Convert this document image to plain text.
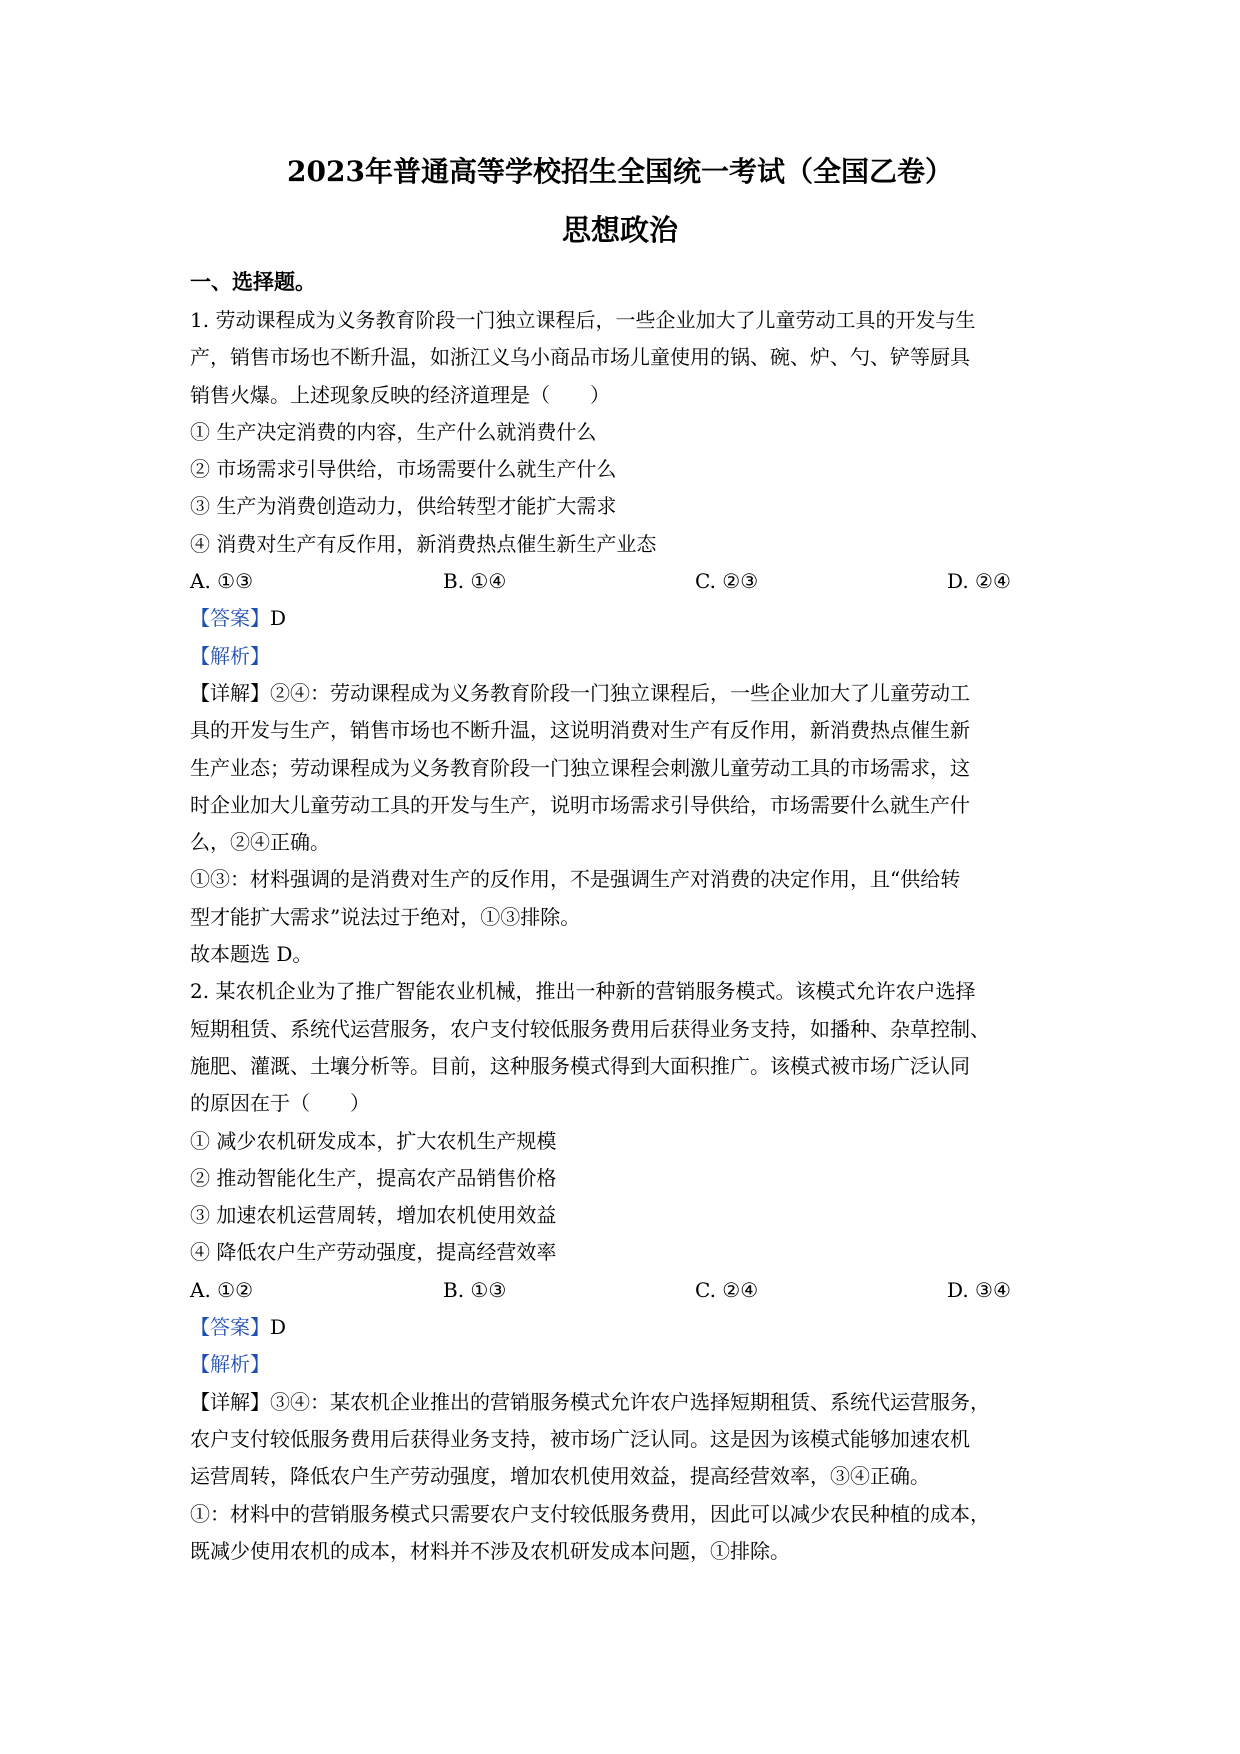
2023年普通高等学校招生全国统一考试（全国乙卷）
思想政治
一、选择题。
1. 劳动课程成为义务教育阶段一门独立课程后，一些企业加大了儿童劳动工具的开发与生
产，销售市场也不断升温，如浙江义乌小商品市场儿童使用的锅、碗、炉、勺、铲等厨具
销售火爆。上述现象反映的经济道理是（　　）
① 生产决定消费的内容，生产什么就消费什么
② 市场需求引导供给，市场需要什么就生产什么
③ 生产为消费创造动力，供给转型才能扩大需求
④ 消费对生产有反作用，新消费热点催生新生产业态
A. ①③	B. ①④	C. ②③	D. ②④
【答案】D
【解析】
【详解】②④：劳动课程成为义务教育阶段一门独立课程后，一些企业加大了儿童劳动工
具的开发与生产，销售市场也不断升温，这说明消费对生产有反作用，新消费热点催生新
生产业态；劳动课程成为义务教育阶段一门独立课程会刺激儿童劳动工具的市场需求，这
时企业加大儿童劳动工具的开发与生产，说明市场需求引导供给，市场需要什么就生产什
么，②④正确。
①③：材料强调的是消费对生产的反作用，不是强调生产对消费的决定作用，且“供给转
型才能扩大需求”说法过于绝对，①③排除。
故本题选 D。
2. 某农机企业为了推广智能农业机械，推出一种新的营销服务模式。该模式允许农户选择
短期租赁、系统代运营服务，农户支付较低服务费用后获得业务支持，如播种、杂草控制、
施肥、灌溉、土壤分析等。目前，这种服务模式得到大面积推广。该模式被市场广泛认同
的原因在于（　　）
① 减少农机研发成本，扩大农机生产规模
② 推动智能化生产，提高农产品销售价格
③ 加速农机运营周转，增加农机使用效益
④ 降低农户生产劳动强度，提高经营效率
A. ①②	B. ①③	C. ②④	D. ③④
【答案】D
【解析】
【详解】③④：某农机企业推出的营销服务模式允许农户选择短期租赁、系统代运营服务，
农户支付较低服务费用后获得业务支持，被市场广泛认同。这是因为该模式能够加速农机
运营周转，降低农户生产劳动强度，增加农机使用效益，提高经营效率，③④正确。
①：材料中的营销服务模式只需要农户支付较低服务费用，因此可以减少农民种植的成本，
既减少使用农机的成本，材料并不涉及农机研发成本问题，①排除。
